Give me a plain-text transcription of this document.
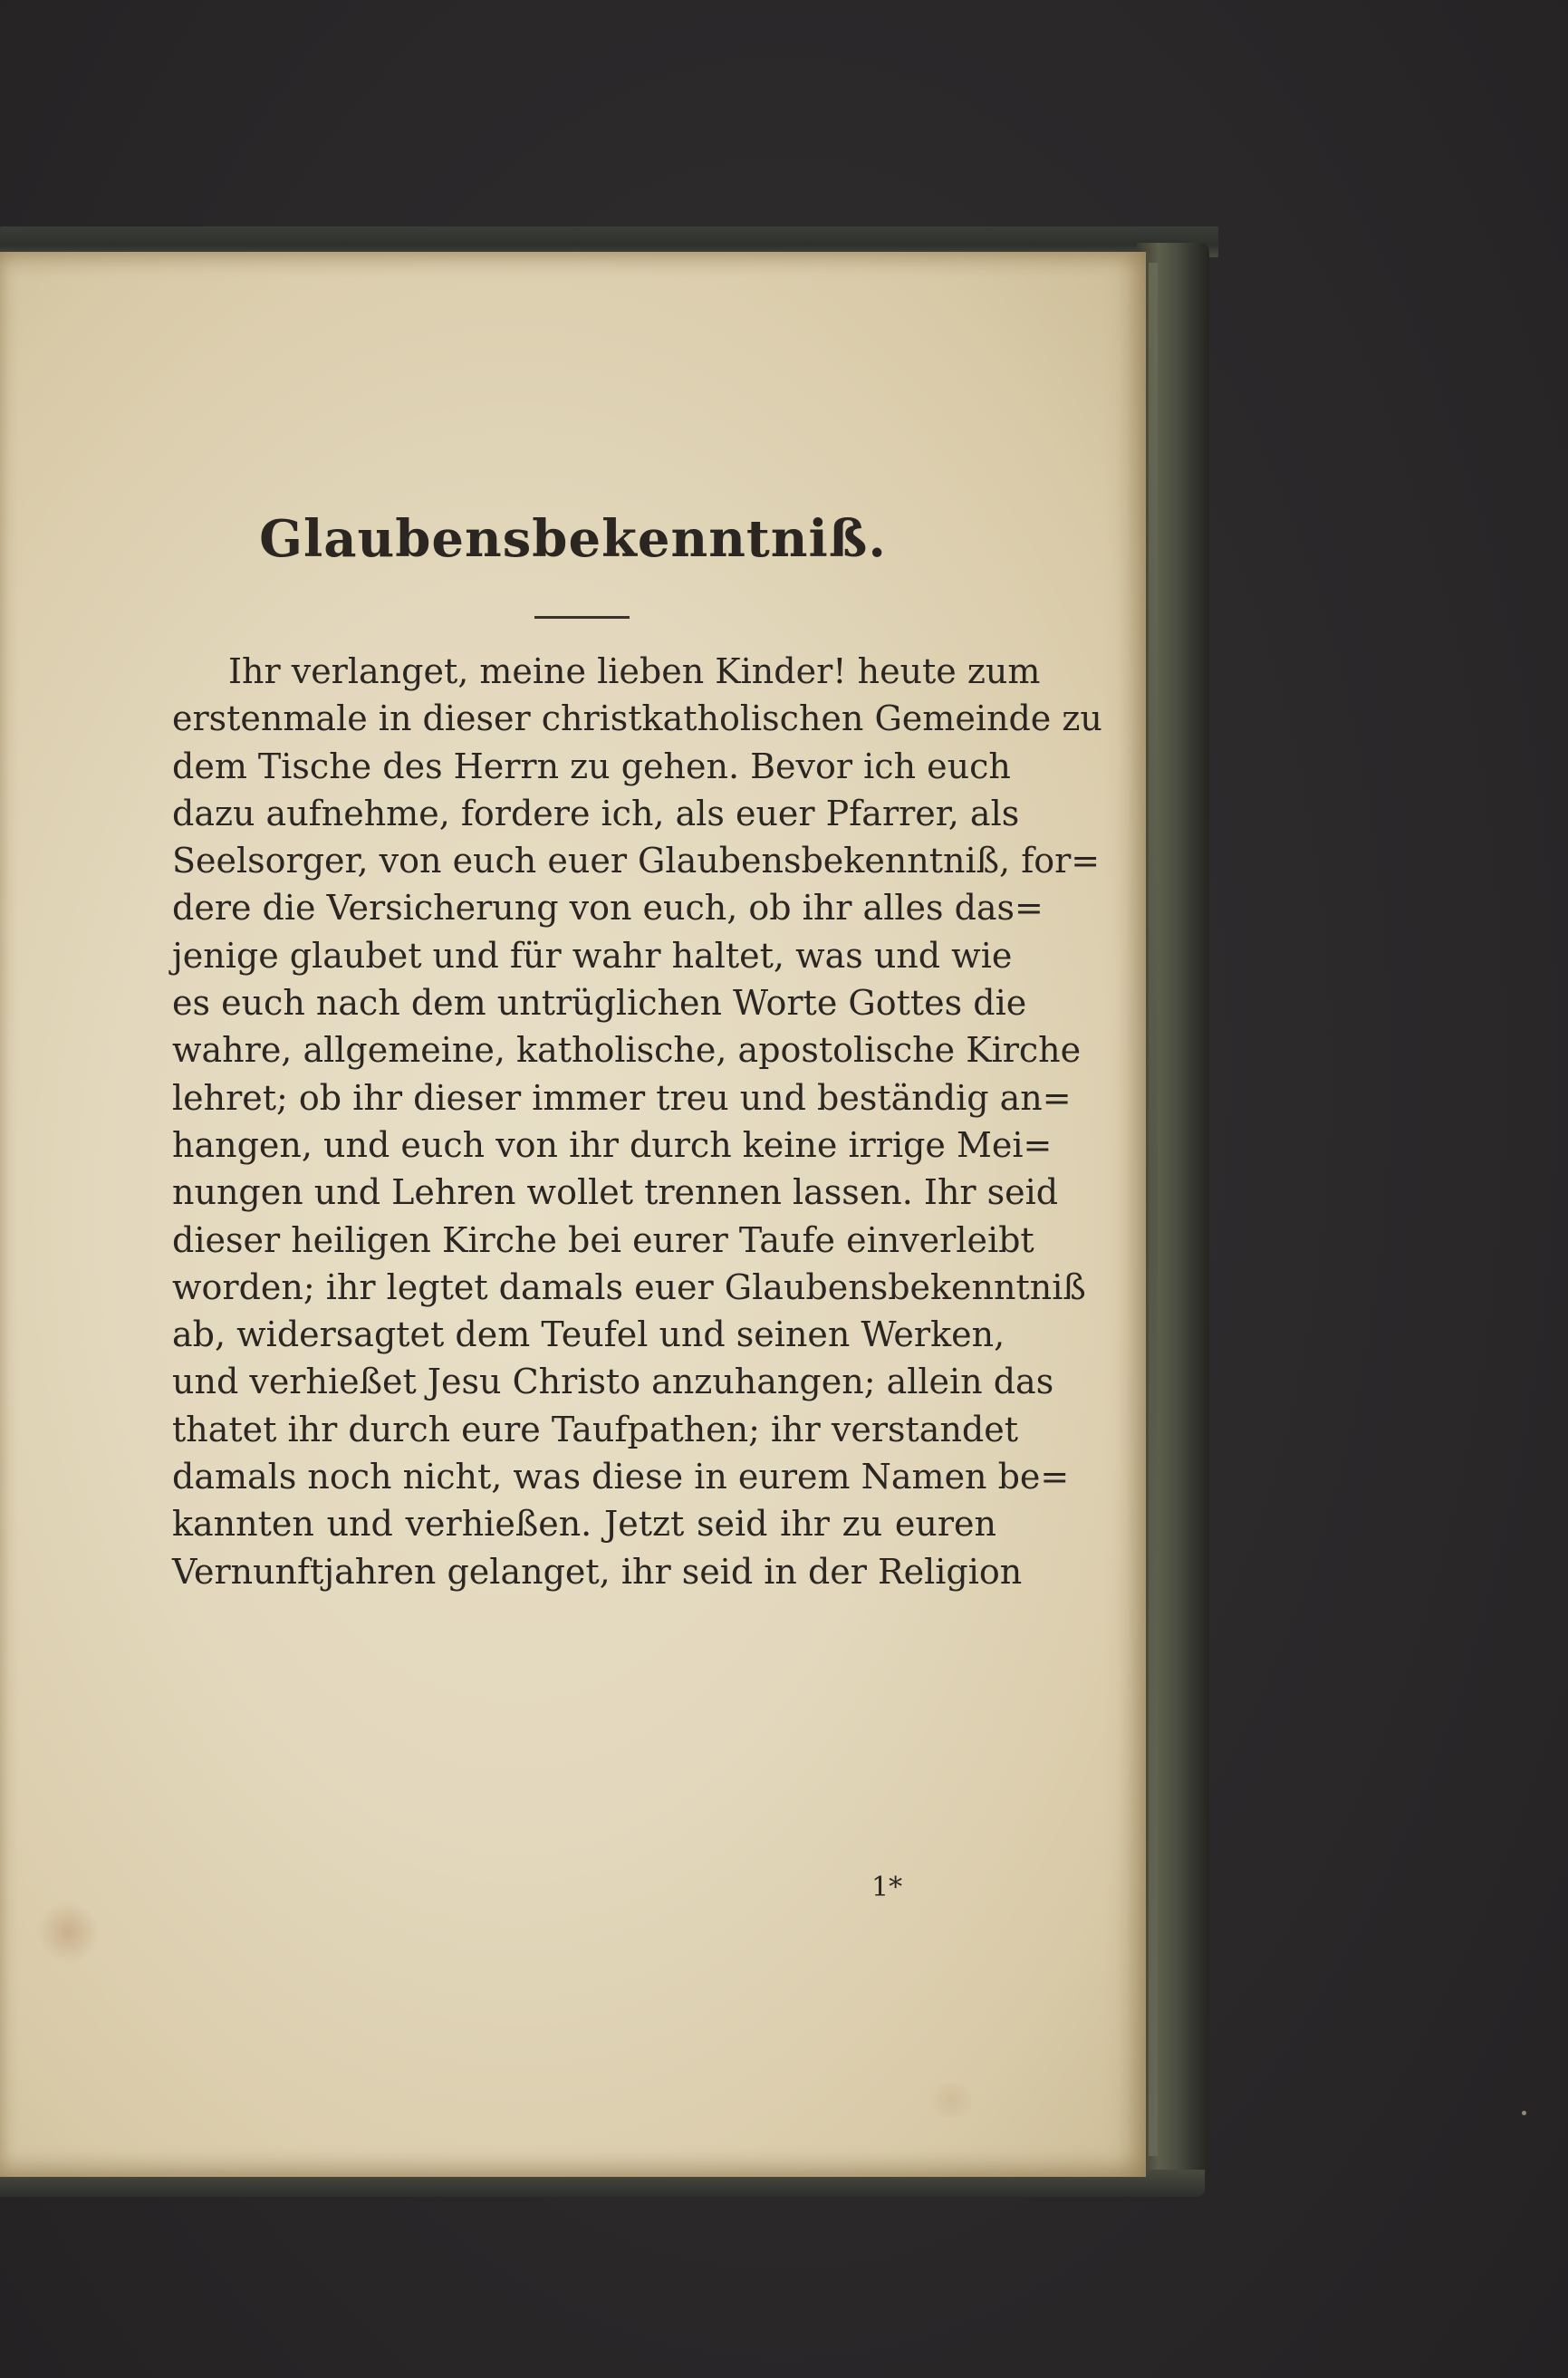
Glaubensbekenntniß.
Ihr verlanget, meine lieben Kinder! heute zum
erstenmale in dieser christkatholischen Gemeinde zu
dem Tische des Herrn zu gehen. Bevor ich euch
dazu aufnehme, fordere ich, als euer Pfarrer, als
Seelsorger, von euch euer Glaubensbekenntniß, for=
dere die Versicherung von euch, ob ihr alles das=
jenige glaubet und für wahr haltet, was und wie
es euch nach dem untrüglichen Worte Gottes die
wahre, allgemeine, katholische, apostolische Kirche
lehret; ob ihr dieser immer treu und beständig an=
hangen, und euch von ihr durch keine irrige Mei=
nungen und Lehren wollet trennen lassen. Ihr seid
dieser heiligen Kirche bei eurer Taufe einverleibt
worden; ihr legtet damals euer Glaubensbekenntniß
ab, widersagtet dem Teufel und seinen Werken,
und verhießet Jesu Christo anzuhangen; allein das
thatet ihr durch eure Taufpathen; ihr verstandet
damals noch nicht, was diese in eurem Namen be=
kannten und verhießen. Jetzt seid ihr zu euren
Vernunftjahren gelanget, ihr seid in der Religion
1*
